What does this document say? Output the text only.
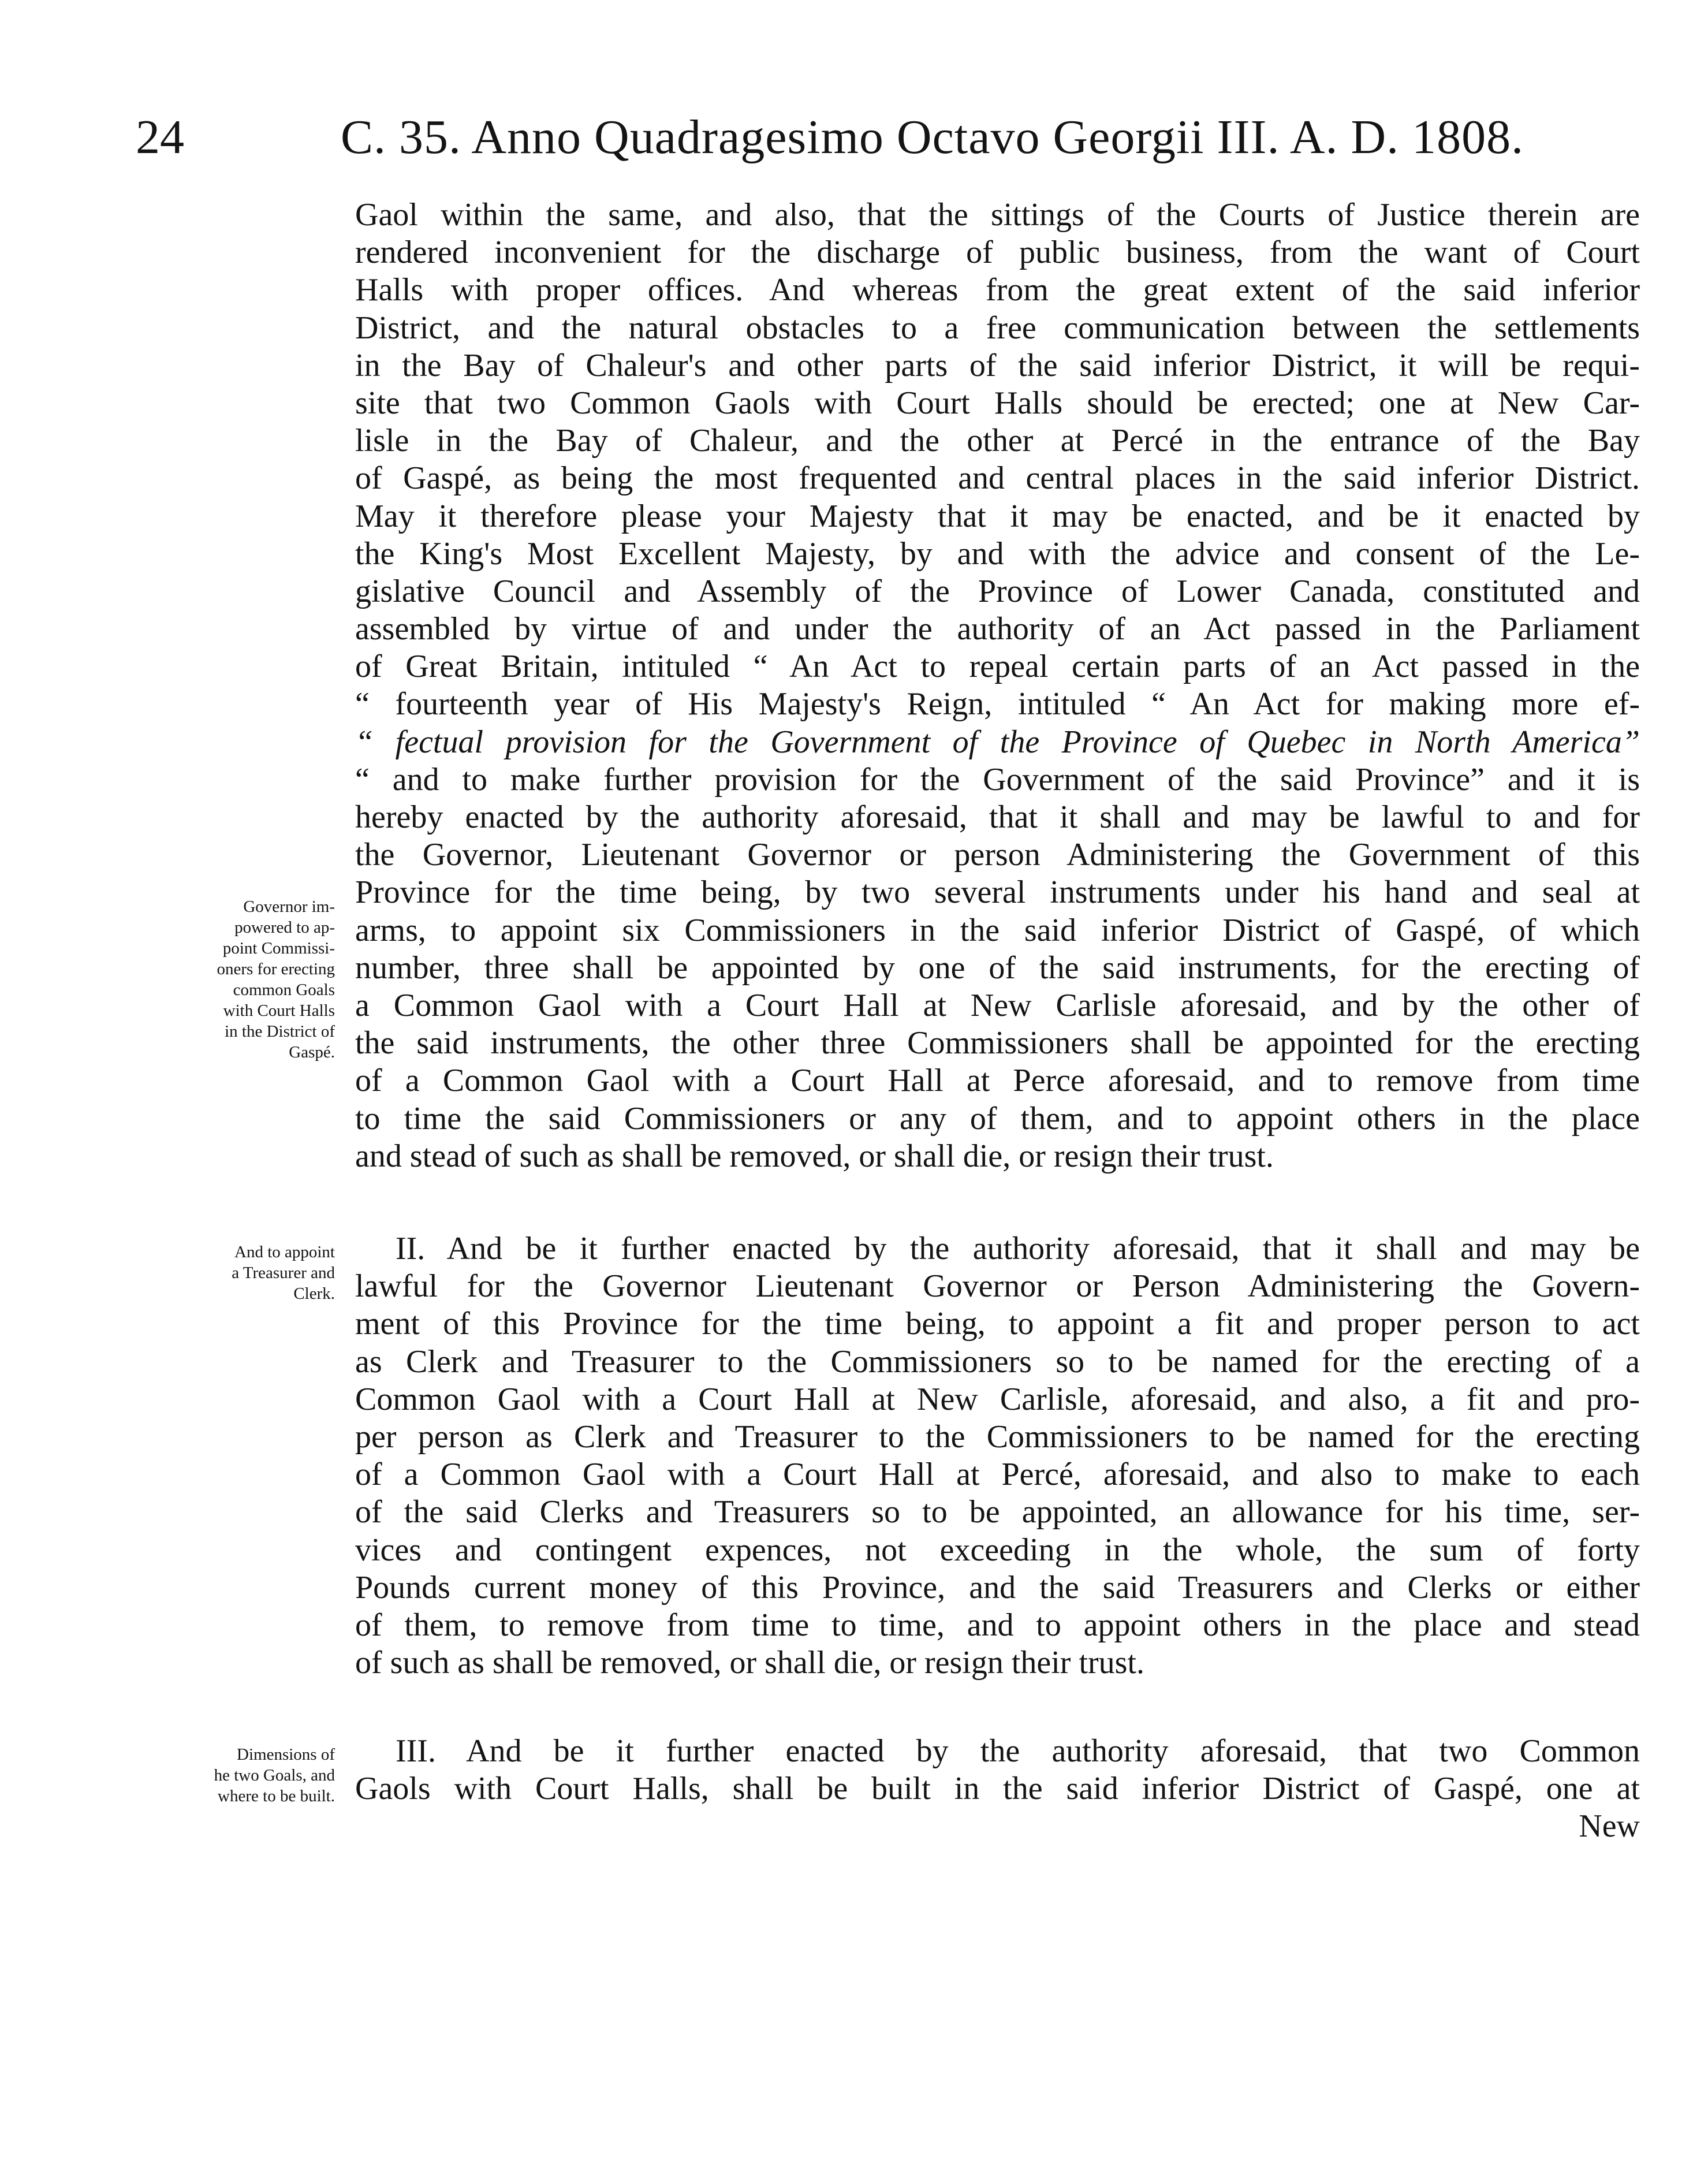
24	C. 35. Anno Quadragesimo Octavo Georgii III. A. D. 1808.
Gaol within the same, and also, that the sittings of the Courts of Justice therein are
rendered inconvenient for the discharge of public business, from the want of Court
Halls with proper offices. And whereas from the great extent of the said inferior
District, and the natural obstacles to a free communication between the settlements
in the Bay of Chaleur's and other parts of the said inferior District, it will be requi-
site that two Common Gaols with Court Halls should be erected; one at New Car-
lisle in the Bay of Chaleur, and the other at Percé in the entrance of the Bay
of Gaspé, as being the most frequented and central places in the said inferior District.
May it therefore please your Majesty that it may be enacted, and be it enacted by
the King's Most Excellent Majesty, by and with the advice and consent of the Le-
gislative Council and Assembly of the Province of Lower Canada, constituted and
assembled by virtue of and under the authority of an Act passed in the Parliament
of Great Britain, intituled “ An Act to repeal certain parts of an Act passed in the
“ fourteenth year of His Majesty's Reign, intituled “ An Act for making more ef-
“ fectual provision for the Government of the Province of Quebec in North America”
“ and to make further provision for the Government of the said Province” and it is
hereby enacted by the authority aforesaid, that it shall and may be lawful to and for
the Governor, Lieutenant Governor or person Administering the Government of this
Province for the time being, by two several instruments under his hand and seal at
arms, to appoint six Commissioners in the said inferior District of Gaspé, of which
number, three shall be appointed by one of the said instruments, for the erecting of
a Common Gaol with a Court Hall at New Carlisle aforesaid, and by the other of
the said instruments, the other three Commissioners shall be appointed for the erecting
of a Common Gaol with a Court Hall at Perce aforesaid, and to remove from time
to time the said Commissioners or any of them, and to appoint others in the place
and stead of such as shall be removed, or shall die, or resign their trust.
Governor im-
powered to ap-
point Commissi-
oners for erecting
common Goals
with Court Halls
in the District of
Gaspé.
II. And be it further enacted by the authority aforesaid, that it shall and may be
lawful for the Governor Lieutenant Governor or Person Administering the Govern-
ment of this Province for the time being, to appoint a fit and proper person to act
as Clerk and Treasurer to the Commissioners so to be named for the erecting of a
Common Gaol with a Court Hall at New Carlisle, aforesaid, and also, a fit and pro-
per person as Clerk and Treasurer to the Commissioners to be named for the erecting
of a Common Gaol with a Court Hall at Percé, aforesaid, and also to make to each
of the said Clerks and Treasurers so to be appointed, an allowance for his time, ser-
vices and contingent expences, not exceeding in the whole, the sum of forty
Pounds current money of this Province, and the said Treasurers and Clerks or either
of them, to remove from time to time, and to appoint others in the place and stead
of such as shall be removed, or shall die, or resign their trust.
And to appoint
a Treasurer and
Clerk.
III. And be it further enacted by the authority aforesaid, that two Common
Gaols with Court Halls, shall be built in the said inferior District of Gaspé, one at
New
Dimensions of
he two Goals, and
where to be built.
